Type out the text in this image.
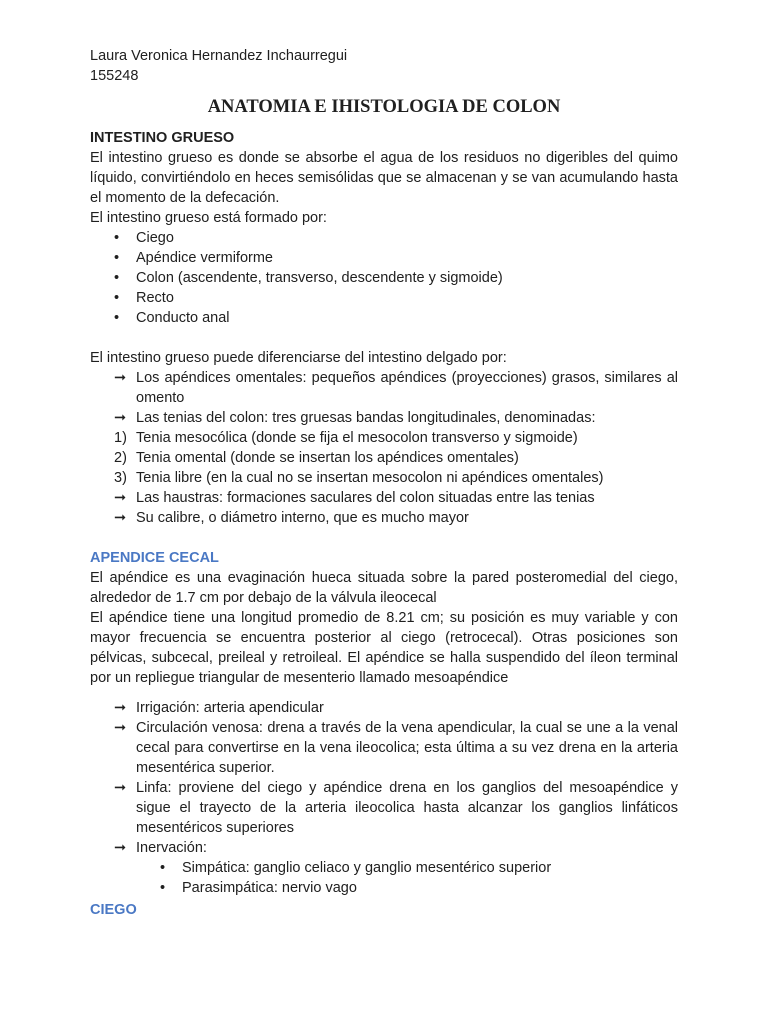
Laura Veronica Hernandez Inchaurregui

155248

ANATOMIA E IHISTOLOGIA DE COLON
INTESTINO GRUESO

El intestino grueso es donde se absorbe el agua de los residuos no digeribles del quimo líquido, convirtiéndolo en heces semisólidas que se almacenan y se van acumulando hasta el momento de la defecación.

El intestino grueso está formado por:

• Ciego
• Apéndice vermiforme
• Colon (ascendente, transverso, descendente y sigmoide)
• Recto
• Conducto anal

El intestino grueso puede diferenciarse del intestino delgado por:

➞ Los apéndices omentales: pequeños apéndices (proyecciones) grasos, similares al omento
➞ Las tenias del colon: tres gruesas bandas longitudinales, denominadas:
1) Tenia mesocólica (donde se fija el mesocolon transverso y sigmoide)
2) Tenia omental (donde se insertan los apéndices omentales)
3) Tenia libre (en la cual no se insertan mesocolon ni apéndices omentales)
➞ Las haustras: formaciones saculares del colon situadas entre las tenias
➞ Su calibre, o diámetro interno, que es mucho mayor
APENDICE CECAL

El apéndice es una evaginación hueca situada sobre la pared posteromedial del ciego, alrededor de 1.7 cm por debajo de la válvula ileocecal

El apéndice tiene una longitud promedio de 8.21 cm; su posición es muy variable y con mayor frecuencia se encuentra posterior al ciego (retrocecal). Otras posiciones son pélvicas, subcecal, preileal y retroileal. El apéndice se halla suspendido del íleon terminal por un repliegue triangular de mesenterio llamado mesoapéndice

➞ Irrigación: arteria apendicular
➞ Circulación venosa: drena a través de la vena apendicular, la cual se une a la venal cecal para convertirse en la vena ileocolica; esta última a su vez drena en la arteria mesentérica superior.
➞ Linfa: proviene del ciego y apéndice drena en los ganglios del mesoapéndice y sigue el trayecto de la arteria ileocolica hasta alcanzar los ganglios linfáticos mesentéricos superiores
➞ Inervación:
• Simpática: ganglio celiaco y ganglio mesentérico superior
• Parasimpática: nervio vago
CIEGO
